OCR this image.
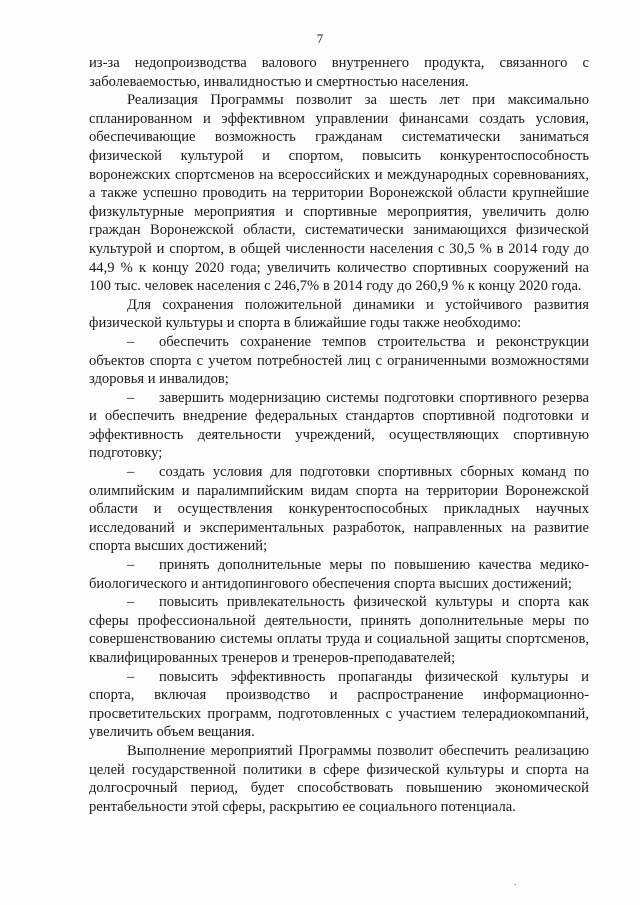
7

из-за недопроизводства валового внутреннего продукта, связанного с заболеваемостью, инвалидностью и смертностью населения.

Реализация Программы позволит за шесть лет при максимально спланированном и эффективном управлении финансами создать условия, обеспечивающие возможность гражданам систематически заниматься физической культурой и спортом, повысить конкурентоспособность воронежских спортсменов на всероссийских и международных соревнованиях, а также успешно проводить на территории Воронежской области крупнейшие физкультурные мероприятия и спортивные мероприятия, увеличить долю граждан Воронежской области, систематически занимающихся физической культурой и спортом, в общей численности населения с 30,5 % в 2014 году до 44,9 % к концу 2020 года; увеличить количество спортивных сооружений на 100 тыс. человек населения с 246,7% в 2014 году до 260,9 % к концу 2020 года.

Для сохранения положительной динамики и устойчивого развития физической культуры и спорта в ближайшие годы также необходимо:

– обеспечить сохранение темпов строительства и реконструкции объектов спорта с учетом потребностей лиц с ограниченными возможностями здоровья и инвалидов;

– завершить модернизацию системы подготовки спортивного резерва и обеспечить внедрение федеральных стандартов спортивной подготовки и эффективность деятельности учреждений, осуществляющих спортивную подготовку;

– создать условия для подготовки спортивных сборных команд по олимпийским и паралимпийским видам спорта на территории Воронежской области и осуществления конкурентоспособных прикладных научных исследований и экспериментальных разработок, направленных на развитие спорта высших достижений;

– принять дополнительные меры по повышению качества медико-биологического и антидопингового обеспечения спорта высших достижений;

– повысить привлекательность физической культуры и спорта как сферы профессиональной деятельности, принять дополнительные меры по совершенствованию системы оплаты труда и социальной защиты спортсменов, квалифицированных тренеров и тренеров-преподавателей;

– повысить эффективность пропаганды физической культуры и спорта, включая производство и распространение информационно-просветительских программ, подготовленных с участием телерадиокомпаний, увеличить объем вещания.

Выполнение мероприятий Программы позволит обеспечить реализацию целей государственной политики в сфере физической культуры и спорта на долгосрочный период, будет способствовать повышению экономической рентабельности этой сферы, раскрытию ее социального потенциала.

.
